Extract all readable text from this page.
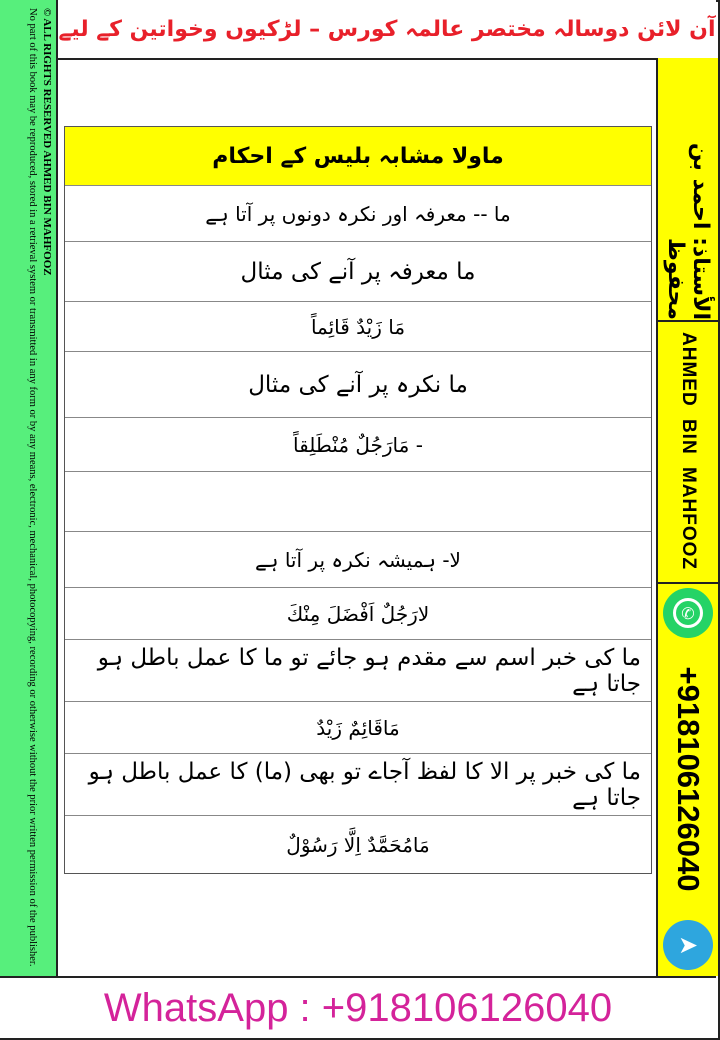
© ALL RIGHTS RESERVED AHMED BIN MAHFOOZ
No part of this book may be reproduced, stored in a retrieval system or transmitted in any form or by any means, electronic, mechanical, photocopying, recording or otherwise without the prior written permission of the publisher. آن لائن دوسالہ مختصر عالمہ کورس – لڑکیوں وخواتین کے لیے
الأستاذ: احمد بن محفوظ
AHMED BIN MAHFOOZ
✆
+918106126040
➤
ماولا مشابہ بلیس کے احکام
ما -- معرفہ اور نکرہ دونوں پر آتا ہے
ما معرفہ پر آنے کی مثال
مَا زَیْدٌ قَائِماً
ما نکرہ پر آنے کی مثال
- مَارَجُلٌ مُنْطَلِقاً
لا- ہمیشہ نکرہ پر آتا ہے
لارَجُلٌ اَفْضَلَ مِنْكَ
ما کی خبر اسم سے مقدم ہو جائے تو ما کا عمل باطل ہو جاتا ہے
مَاقَائِمٌ زَیْدٌ
ما کی خبر پر الا کا لفظ آجاے تو بھی (ما) کا عمل باطل ہو جاتا ہے
مَامُحَمَّدٌ اِلَّا رَسُوْلٌ
WhatsApp : +918106126040
